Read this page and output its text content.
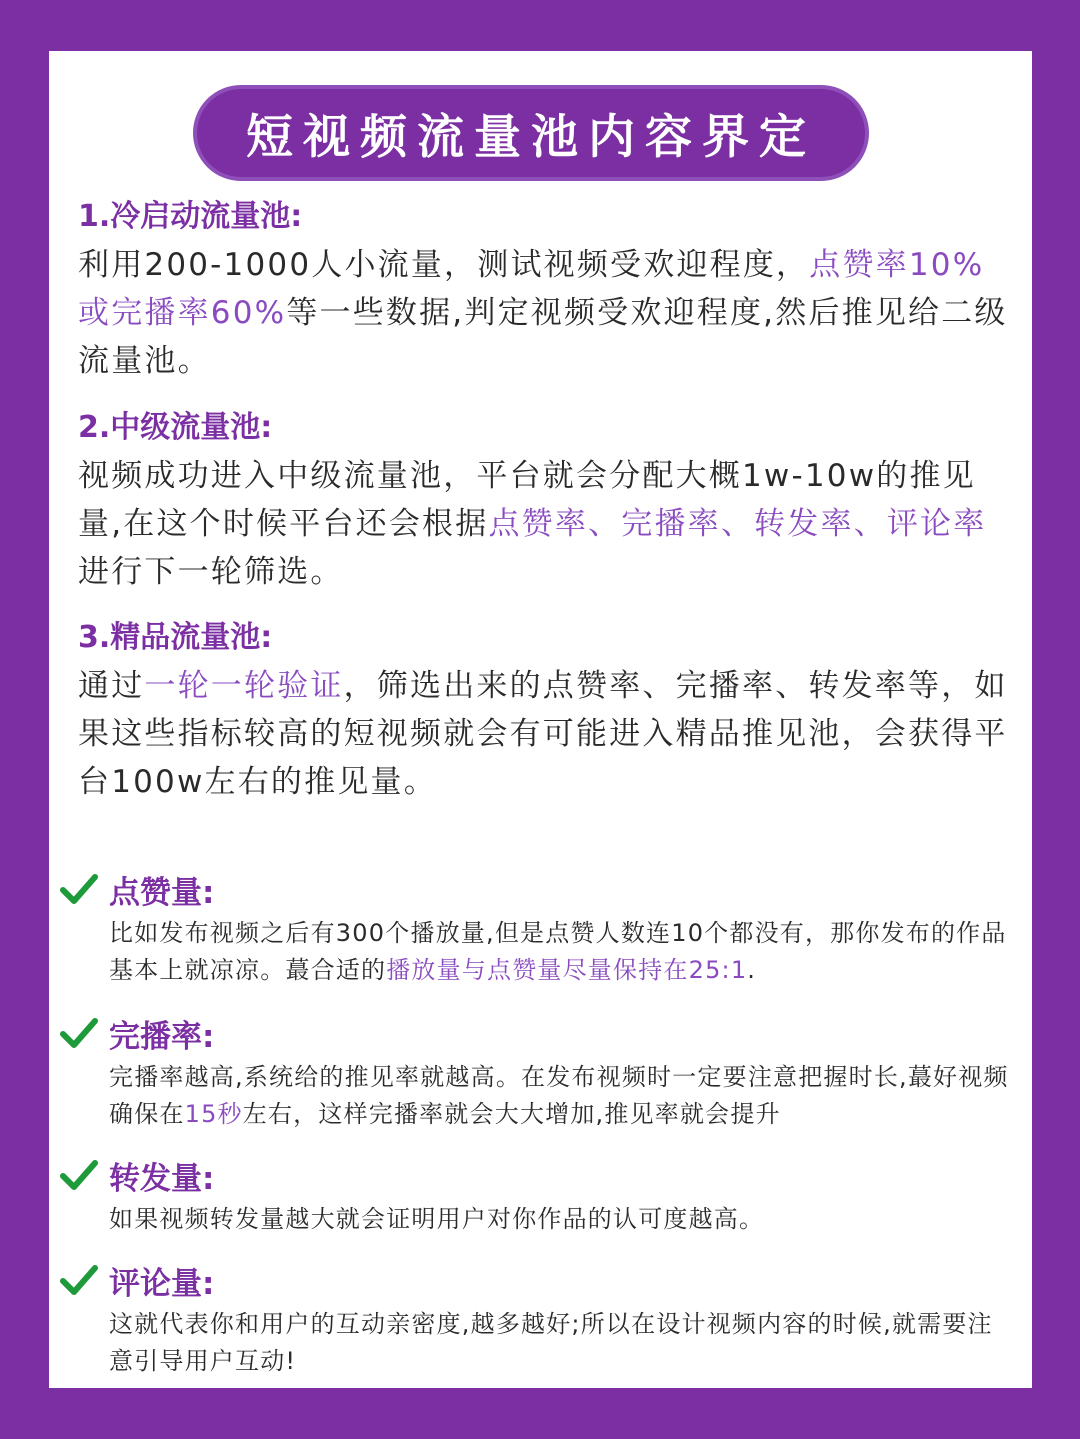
短视频流量池内容界定

1.冷启动流量池:

利用200-1000人小流量，测试视频受欢迎程度，点赞率10%或完播率60%等一些数据,判定视频受欢迎程度,然后推见给二级流量池。

2.中级流量池:

视频成功进入中级流量池，平台就会分配大概1w-10w的推见量,在这个时候平台还会根据点赞率、完播率、转发率、评论率进行下一轮筛选。

3.精品流量池:

通过一轮一轮验证，筛选出来的点赞率、完播率、转发率等，如果这些指标较高的短视频就会有可能进入精品推见池，会获得平台100w左右的推见量。

点赞量:
比如发布视频之后有300个播放量,但是点赞人数连10个都没有，那你发布的作品基本上就凉凉。蕞合适的播放量与点赞量尽量保持在25:1.
完播率:
完播率越高,系统给的推见率就越高。在发布视频时一定要注意把握时长,蕞好视频确保在15秒左右，这样完播率就会大大增加,推见率就会提升
转发量:
如果视频转发量越大就会证明用户对你作品的认可度越高。
评论量:
这就代表你和用户的互动亲密度,越多越好;所以在设计视频内容的时候,就需要注意引导用户互动!
